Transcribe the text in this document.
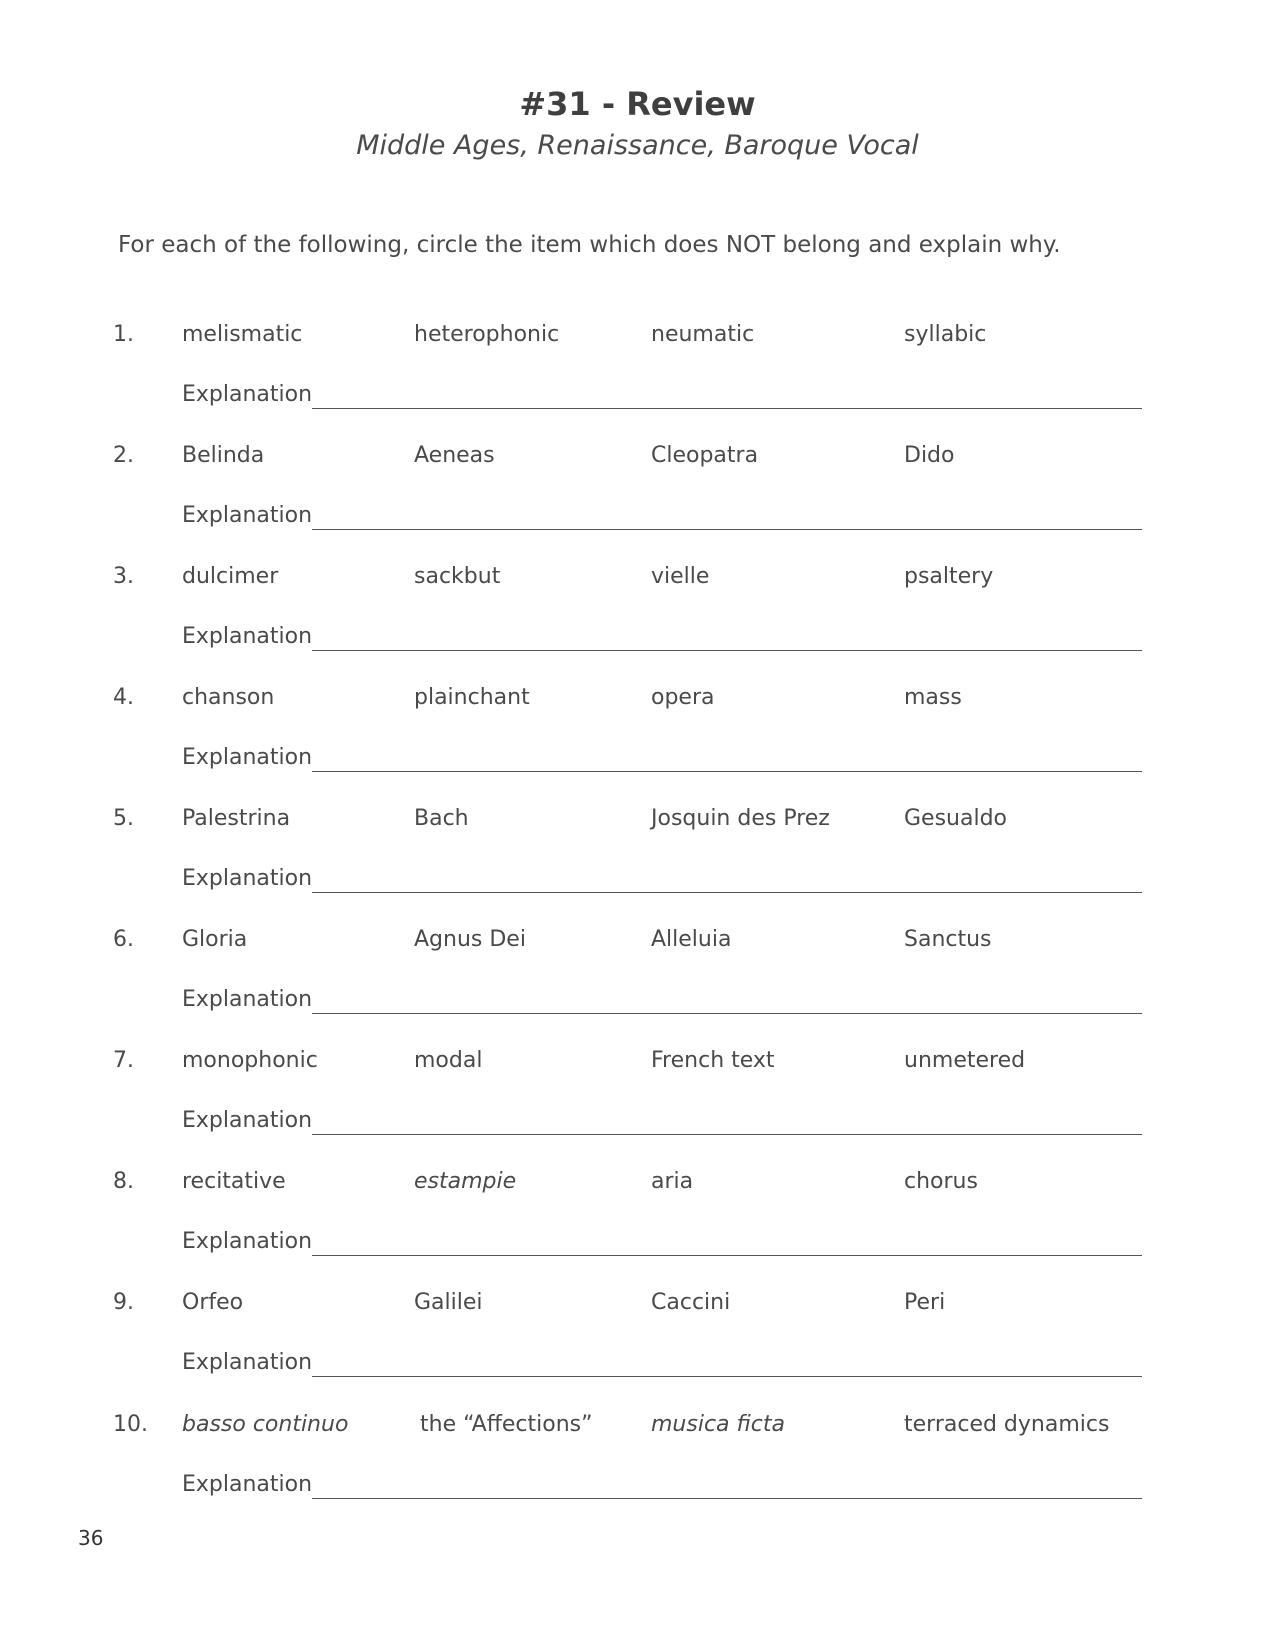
#31 - Review
Middle Ages, Renaissance, Baroque Vocal
For each of the following, circle the item which does NOT belong and explain why.
1. melismatic	heterophonic	neumatic	syllabic
Explanation
2. Belinda	Aeneas	Cleopatra	Dido
Explanation
3. dulcimer	sackbut	vielle	psaltery
Explanation
4. chanson	plainchant	opera	mass
Explanation
5. Palestrina	Bach	Josquin des Prez	Gesualdo
Explanation
6. Gloria	Agnus Dei	Alleluia	Sanctus
Explanation
7. monophonic	modal	French text	unmetered
Explanation
8. recitative	estampie	aria	chorus
Explanation
9. Orfeo	Galilei	Caccini	Peri
Explanation
10. basso continuo	the “Affections”	musica ficta	terraced dynamics
Explanation
36
